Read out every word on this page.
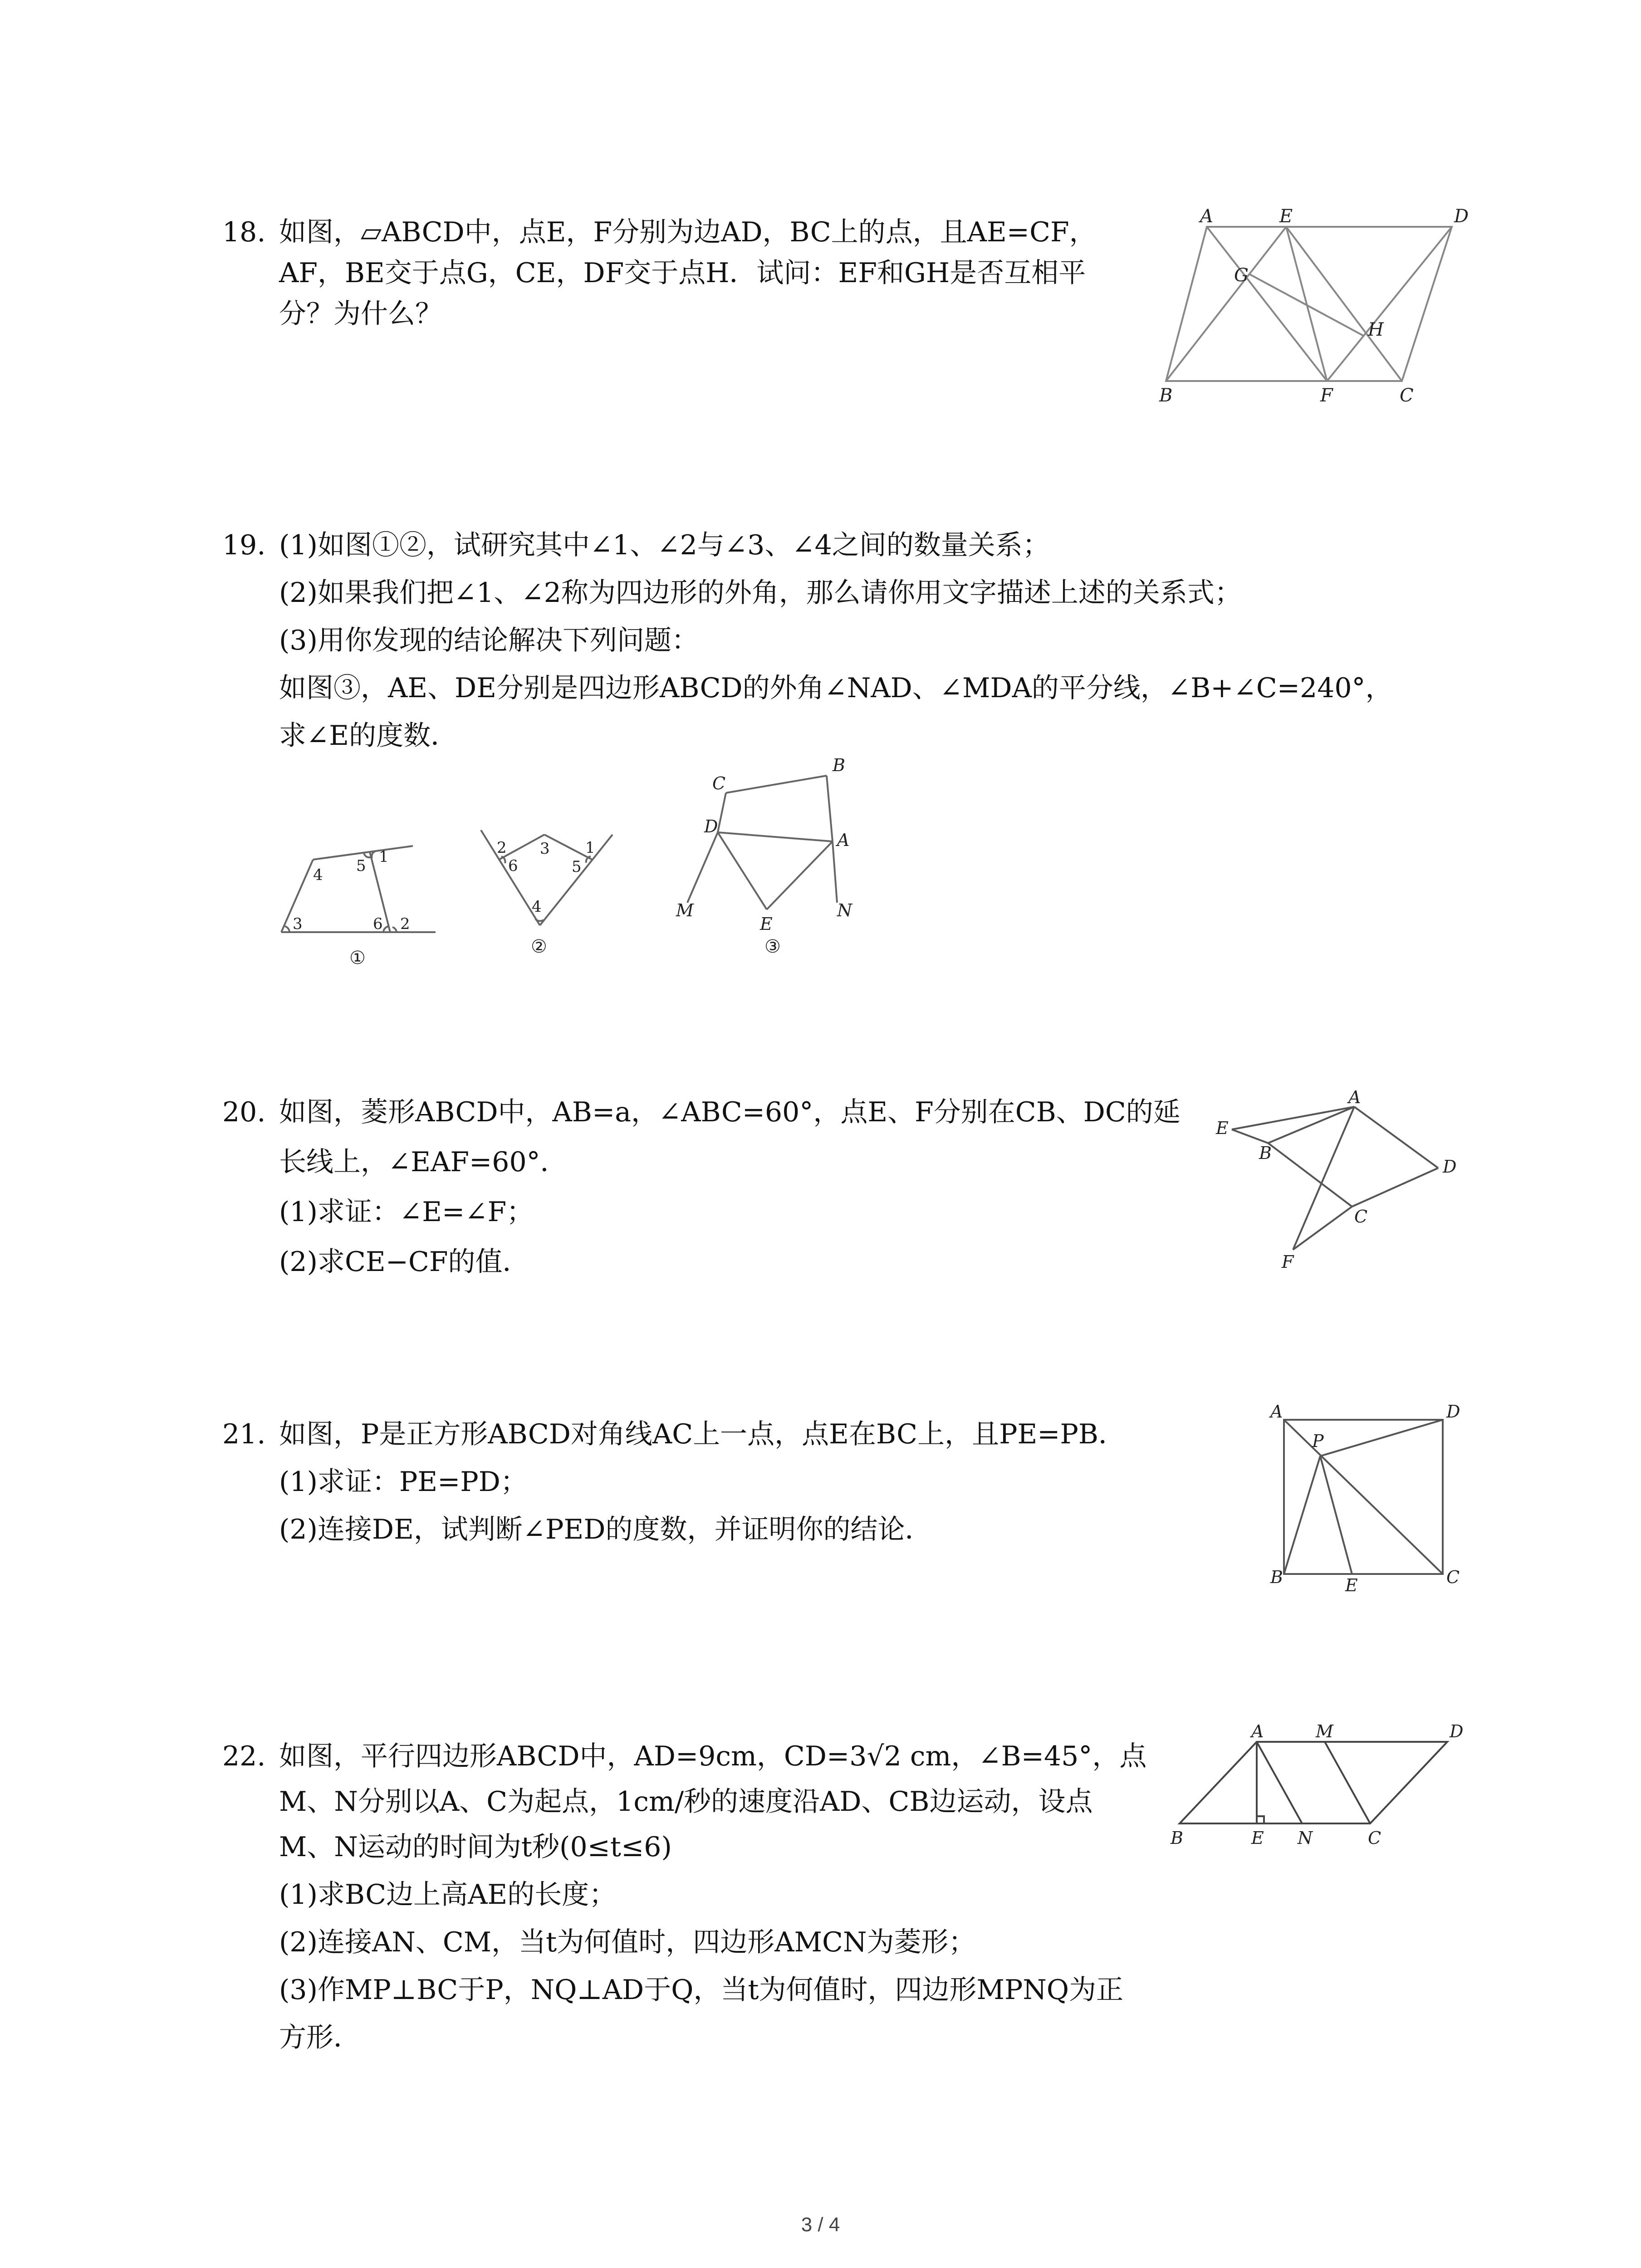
18. 如图，▱ABCD中，点E，F分别为边AD，BC上的点，且AE=CF，
AF，BE交于点G，CE，DF交于点H．试问：EF和GH是否互相平
分？为什么？
A	E	D
G
H
B	F	C
19. (1)如图①②，试研究其中∠1、∠2与∠3、∠4之间的数量关系；
(2)如果我们把∠1、∠2称为四边形的外角，那么请你用文字描述上述的关系式；
(3)用你发现的结论解决下列问题：
如图③，AE、DE分别是四边形ABCD的外角∠NAD、∠MDA的平分线，∠B+∠C=240°，
求∠E的度数．
4 5 1
3	6 2
①
2
6
3 1
5
4
②
C
B
D
A
M
E
N
③
20. 如图，菱形ABCD中，AB=a，∠ABC=60°，点E、F分别在CB、DC的延
长线上，∠EAF=60°．
(1)求证：∠E=∠F；
(2)求CE−CF的值．
A
E
B
D
C
F
21. 如图，P是正方形ABCD对角线AC上一点，点E在BC上，且PE=PB．
(1)求证：PE=PD；
(2)连接DE，试判断∠PED的度数，并证明你的结论．
A	D
P
B	E	C
22. 如图，平行四边形ABCD中，AD=9cm，CD=3√2 cm，∠B=45°，点
M、N分别以A、C为起点，1cm/秒的速度沿AD、CB边运动，设点
M、N运动的时间为t秒(0≤t≤6)
(1)求BC边上高AE的长度；
(2)连接AN、CM，当t为何值时，四边形AMCN为菱形；
(3)作MP⊥BC于P，NQ⊥AD于Q，当t为何值时，四边形MPNQ为正
方形．
A	M	D
B	E N	C
3 / 4
